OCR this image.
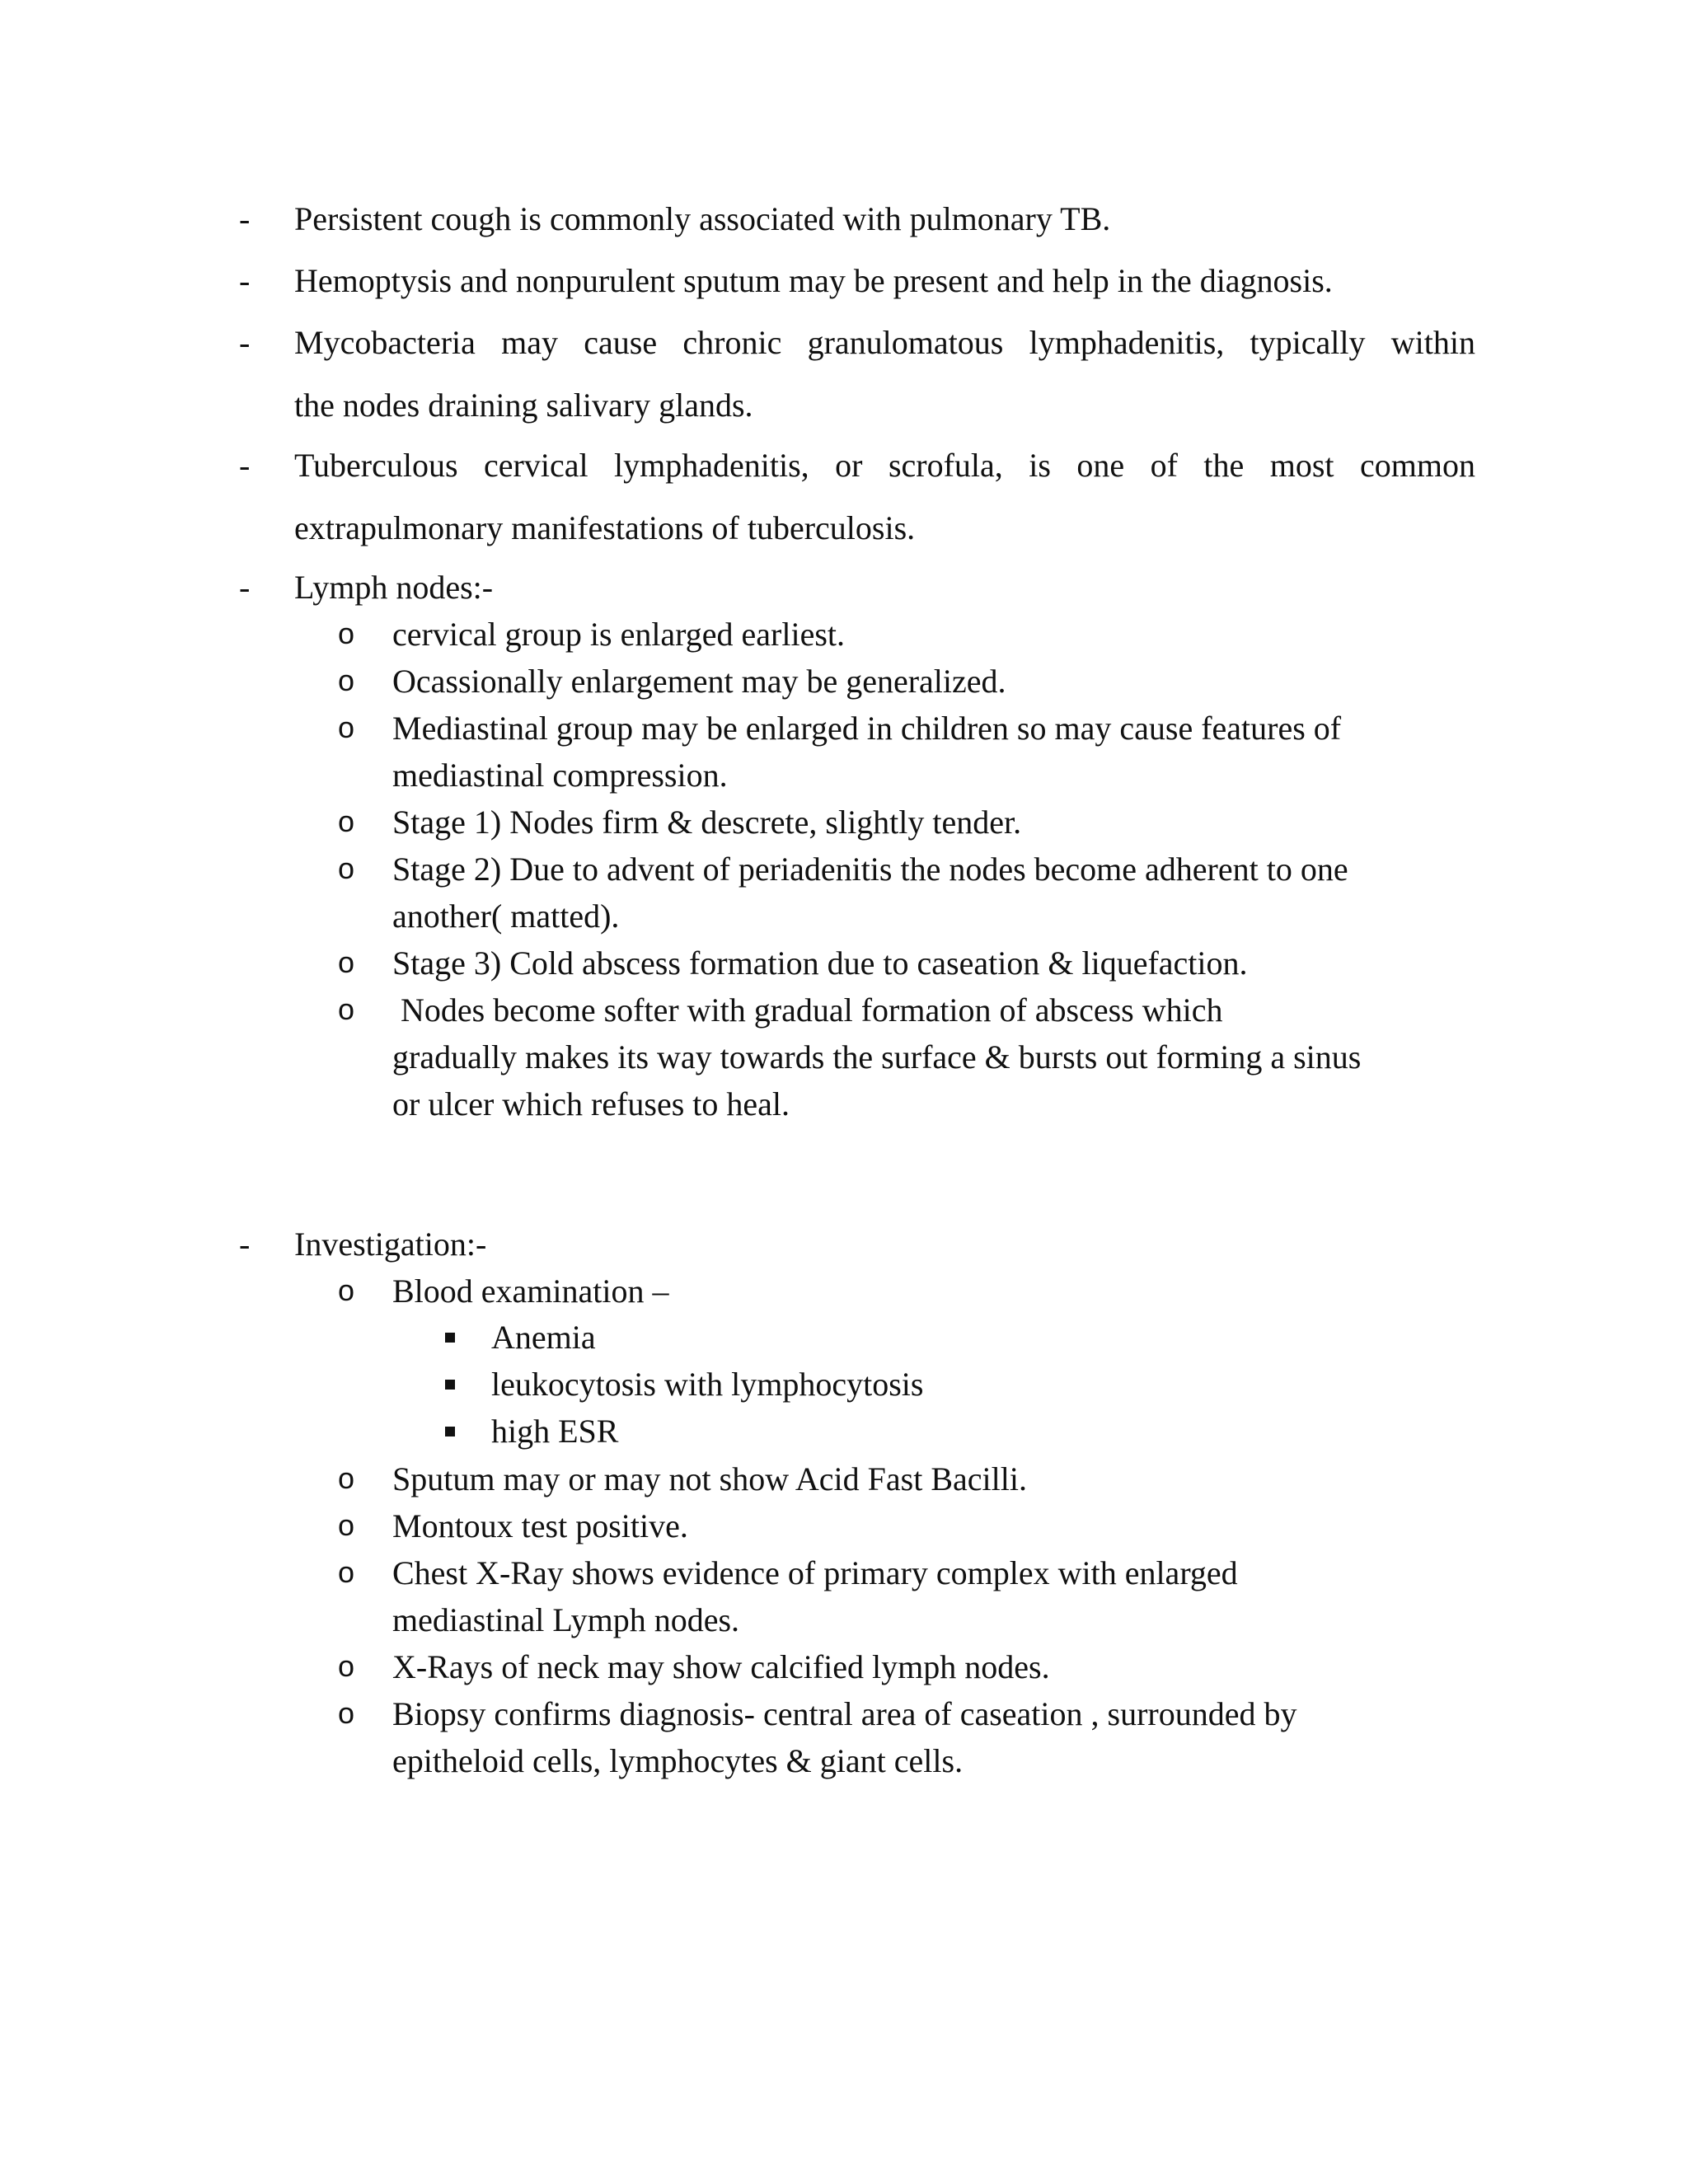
-	Persistent cough is commonly associated with pulmonary TB.
-	Hemoptysis and nonpurulent sputum may be present and help in the diagnosis.
-	Mycobacteria may cause chronic granulomatous lymphadenitis, typically within
the nodes draining salivary glands.
-	Tuberculous cervical lymphadenitis, or scrofula, is one of the most common
extrapulmonary manifestations of tuberculosis.
-	Lymph nodes:-
o	cervical group is enlarged earliest.
o	Ocassionally enlargement may be generalized.
o	Mediastinal group may be enlarged in children so may cause features of
mediastinal compression.
o	Stage 1) Nodes firm & descrete, slightly tender.
o	Stage 2) Due to advent of periadenitis the nodes become adherent to one
another( matted).
o	Stage 3) Cold abscess formation due to caseation & liquefaction.
o	Nodes become softer with gradual formation of abscess which
gradually makes its way towards the surface & bursts out forming a sinus
or ulcer which refuses to heal.
-	Investigation:-
o	Blood examination –
Anemia
leukocytosis with lymphocytosis
high ESR
o	Sputum may or may not show Acid Fast Bacilli.
o	Montoux test positive.
o	Chest X-Ray shows evidence of primary complex with enlarged
mediastinal Lymph nodes.
o	X-Rays of neck may show calcified lymph nodes.
o	Biopsy confirms diagnosis- central area of caseation , surrounded by
epitheloid cells, lymphocytes & giant cells.
